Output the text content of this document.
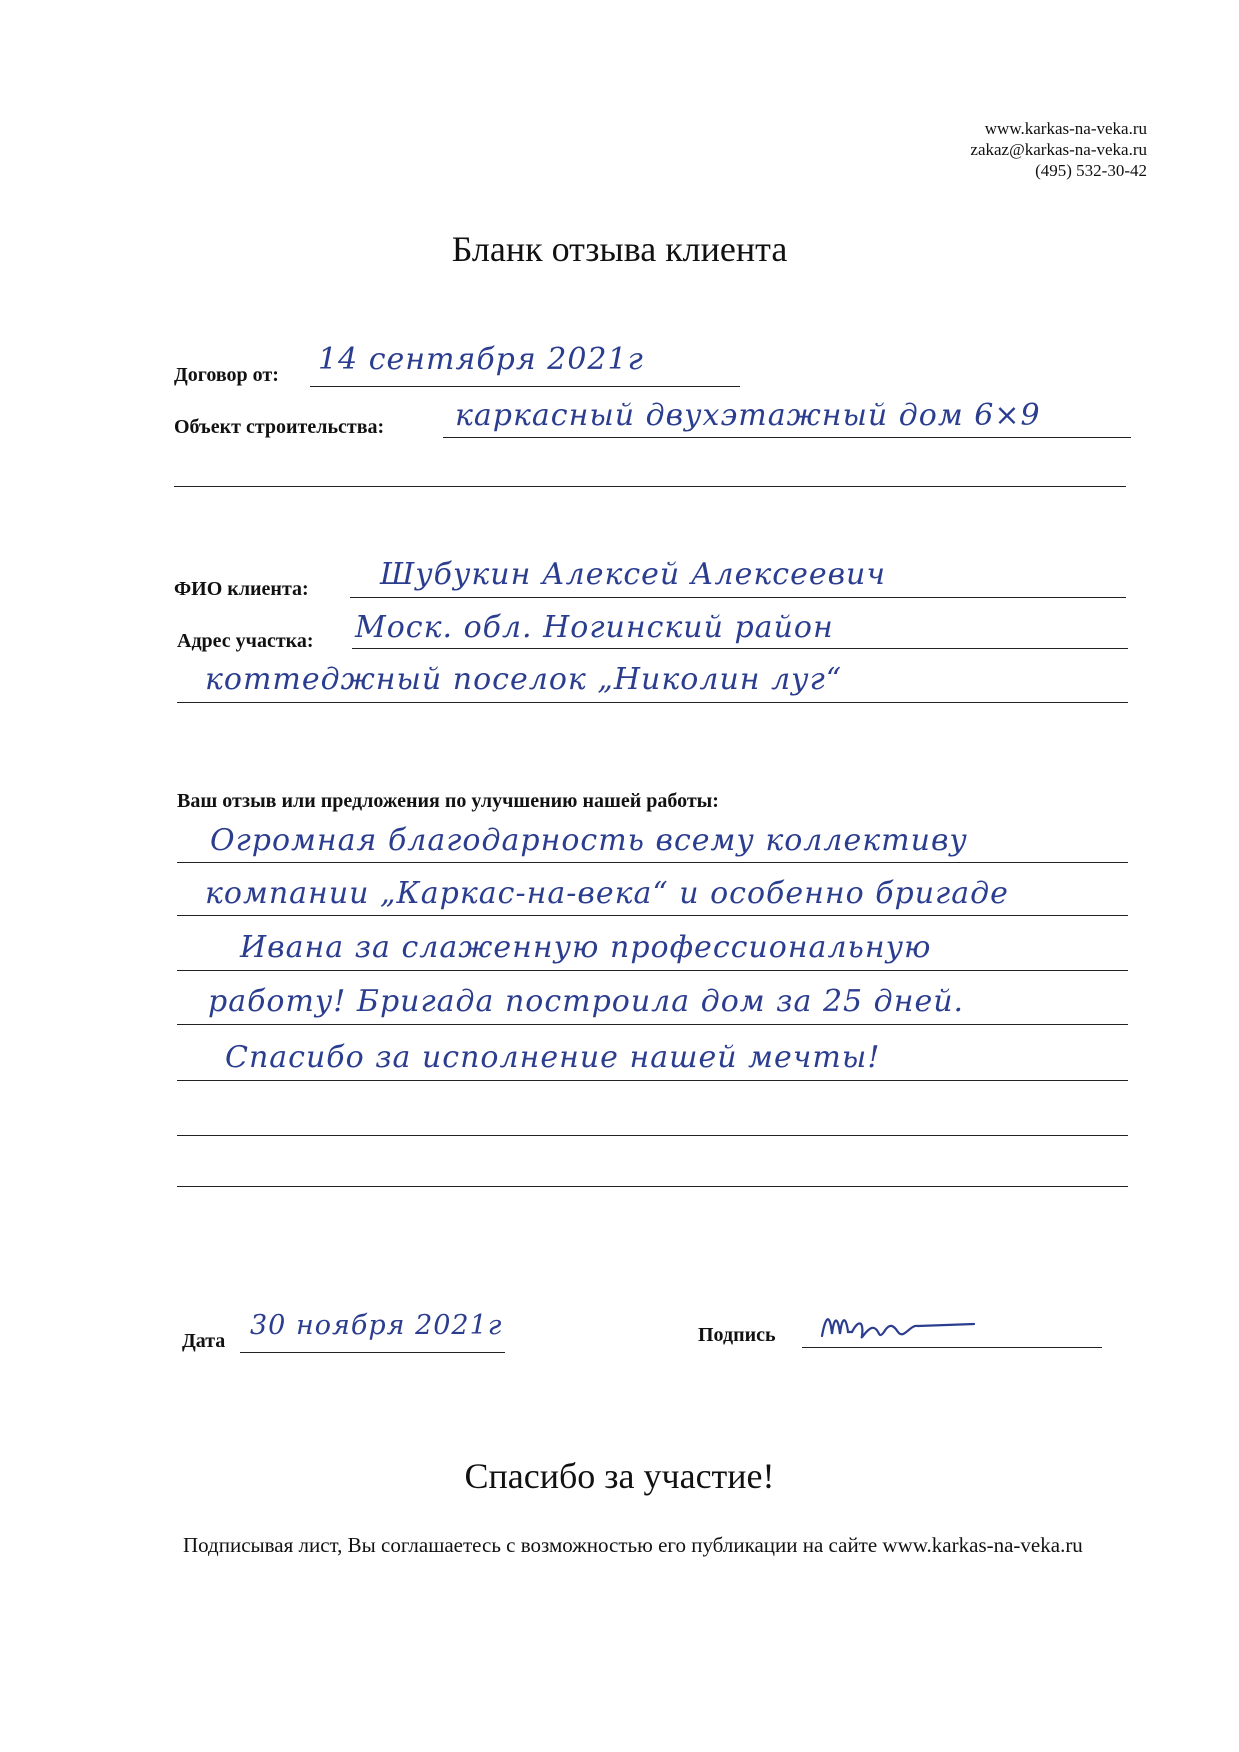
www.karkas-na-veka.ru
zakaz@karkas-na-veka.ru
(495) 532-30-42
Бланк отзыва клиента
Договор от: 14 сентября 2021г
Объект строительства: каркасный двухэтажный дом 6×9
ФИО клиента: Шубукин Алексей Алексеевич
Адрес участка: Моск. обл. Ногинский район
коттеджный поселок „Николин луг“
Ваш отзыв или предложения по улучшению нашей работы:
Огромная благодарность всему коллективу
компании „Каркас-на-века“ и особенно бригаде
Ивана за слаженную профессиональную
работу! Бригада построила дом за 25 дней.
Спасибо за исполнение нашей мечты!
Дата 30 ноября 2021г	Подпись
Спасибо за участие!
Подписывая лист, Вы соглашаетесь с возможностью его публикации на сайте www.karkas-na-veka.ru
